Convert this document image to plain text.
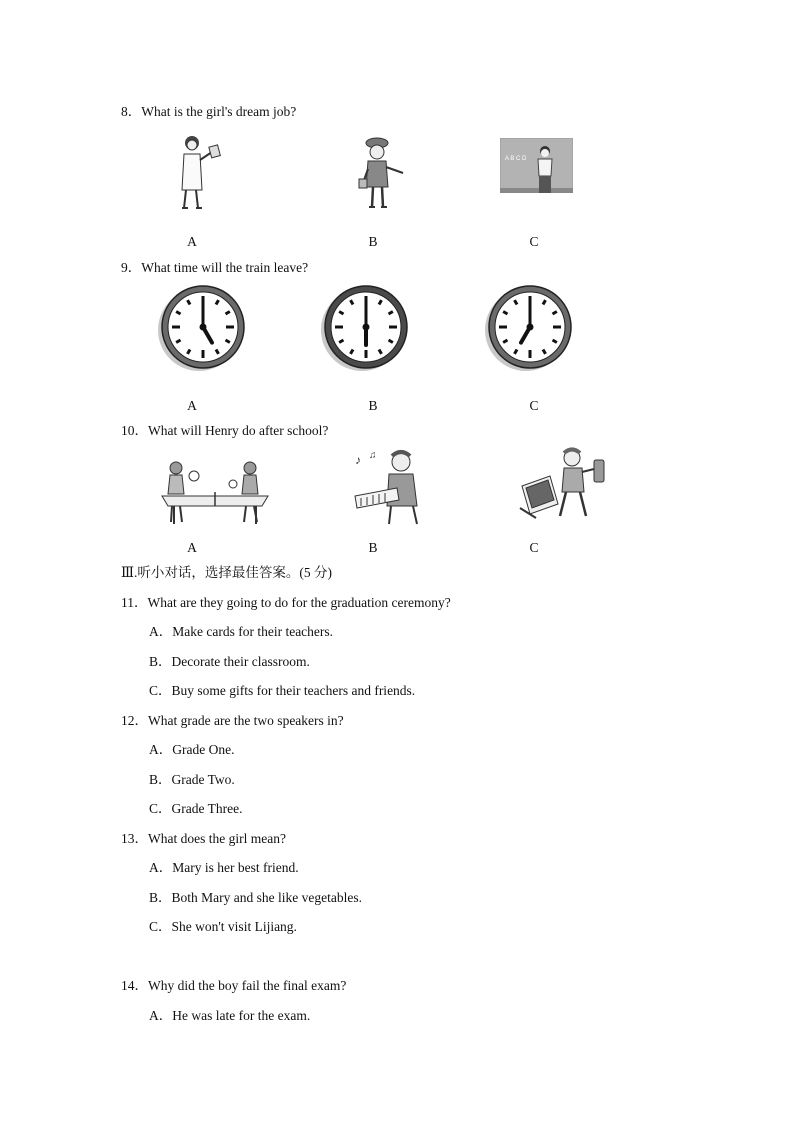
8．What is the girl's dream job?
A B C D
A	B	C
9．What time will the train leave?
A	B	C
10．What will Henry do after school?
♪ ♫
A	B	C
Ⅲ.听小对话，选择最佳答案。(5 分)
11．What are they going to do for the graduation ceremony?
A．Make cards for their teachers.
B．Decorate their classroom.
C．Buy some gifts for their teachers and friends.
12．What grade are the two speakers in?
A．Grade One.
B．Grade Two.
C．Grade Three.
13．What does the girl mean?
A．Mary is her best friend.
B．Both Mary and she like vegetables.
C．She won't visit Lijiang.
14．Why did the boy fail the final exam?
A．He was late for the exam.
